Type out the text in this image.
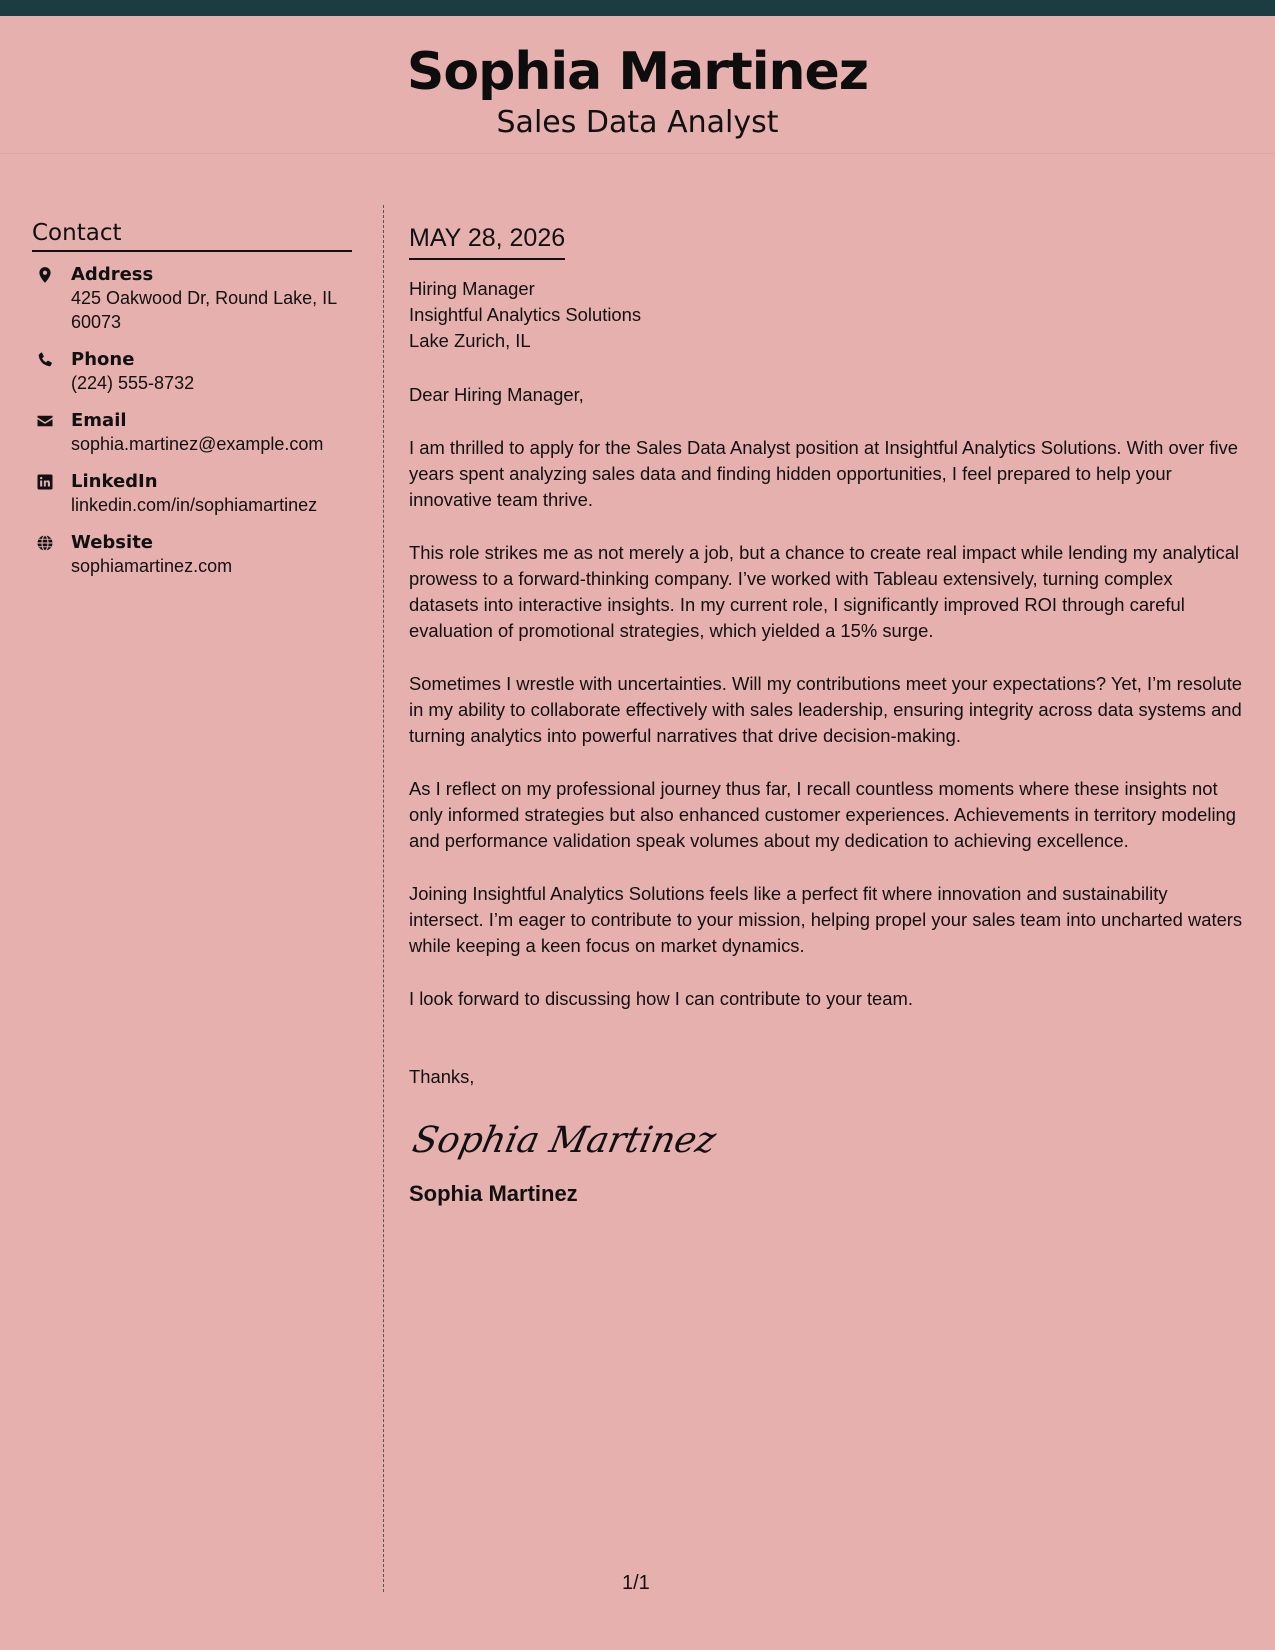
Sophia Martinez
Sales Data Analyst
Contact
Address
425 Oakwood Dr, Round Lake, IL 60073
Phone
(224) 555-8732
Email
sophia.martinez@example.com
LinkedIn
linkedin.com/in/sophiamartinez
Website
sophiamartinez.com
MAY 28, 2026
Hiring Manager
Insightful Analytics Solutions
Lake Zurich, IL
Dear Hiring Manager,
I am thrilled to apply for the Sales Data Analyst position at Insightful Analytics Solutions. With over five years spent analyzing sales data and finding hidden opportunities, I feel prepared to help your innovative team thrive.
This role strikes me as not merely a job, but a chance to create real impact while lending my analytical prowess to a forward-thinking company. I’ve worked with Tableau extensively, turning complex datasets into interactive insights. In my current role, I significantly improved ROI through careful evaluation of promotional strategies, which yielded a 15% surge.
Sometimes I wrestle with uncertainties. Will my contributions meet your expectations? Yet, I’m resolute in my ability to collaborate effectively with sales leadership, ensuring integrity across data systems and turning analytics into powerful narratives that drive decision-making.
As I reflect on my professional journey thus far, I recall countless moments where these insights not only informed strategies but also enhanced customer experiences. Achievements in territory modeling and performance validation speak volumes about my dedication to achieving excellence.
Joining Insightful Analytics Solutions feels like a perfect fit where innovation and sustainability intersect. I’m eager to contribute to your mission, helping propel your sales team into uncharted waters while keeping a keen focus on market dynamics.
I look forward to discussing how I can contribute to your team.
Thanks,
Sophia Martinez
Sophia Martinez
1/1
